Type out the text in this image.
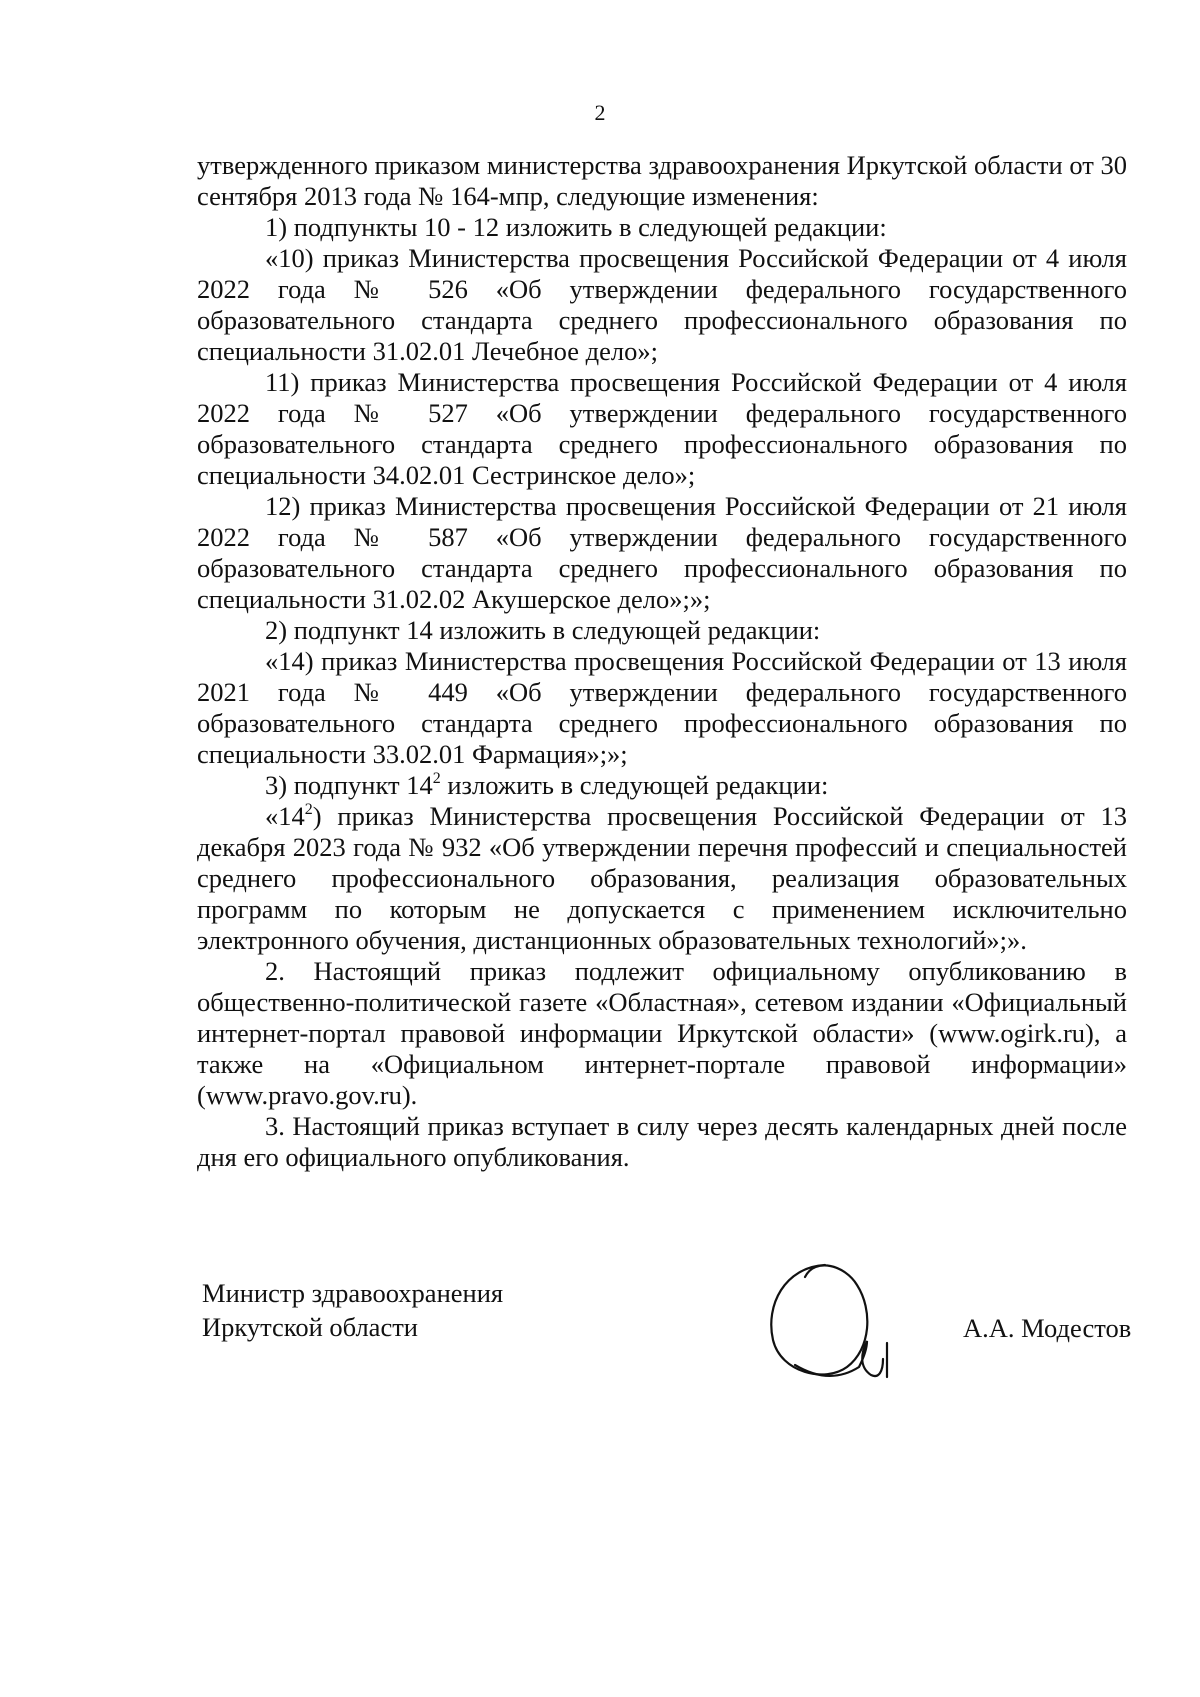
2

утвержденного приказом министерства здравоохранения Иркутской области от 30 сентября 2013 года № 164-мпр, следующие изменения:

1) подпункты 10 - 12 изложить в следующей редакции:

«10) приказ Министерства просвещения Российской Федерации от 4 июля 2022 года № 526 «Об утверждении федерального государственного образовательного стандарта среднего профессионального образования по специальности 31.02.01 Лечебное дело»;

11) приказ Министерства просвещения Российской Федерации от 4 июля 2022 года № 527 «Об утверждении федерального государственного образовательного стандарта среднего профессионального образования по специальности 34.02.01 Сестринское дело»;

12) приказ Министерства просвещения Российской Федерации от 21 июля 2022 года № 587 «Об утверждении федерального государственного образовательного стандарта среднего профессионального образования по специальности 31.02.02 Акушерское дело»;»;

2) подпункт 14 изложить в следующей редакции:

«14) приказ Министерства просвещения Российской Федерации от 13 июля 2021 года № 449 «Об утверждении федерального государственного образовательного стандарта среднего профессионального образования по специальности 33.02.01 Фармация»;»;

3) подпункт $14^2$ изложить в следующей редакции:

«$14^2$) приказ Министерства просвещения Российской Федерации от 13 декабря 2023 года № 932 «Об утверждении перечня профессий и специальностей среднего профессионального образования, реализация образовательных программ по которым не допускается с применением исключительно электронного обучения, дистанционных образовательных технологий»;».

2. Настоящий приказ подлежит официальному опубликованию в общественно-политической газете «Областная», сетевом издании «Официальный интернет-портал правовой информации Иркутской области» (www.ogirk.ru), а также на «Официальном интернет-портале правовой информации» (www.pravo.gov.ru).

3. Настоящий приказ вступает в силу через десять календарных дней после дня его официального опубликования.

Министр здравоохранения
Иркутской области	А.А. Модестов
